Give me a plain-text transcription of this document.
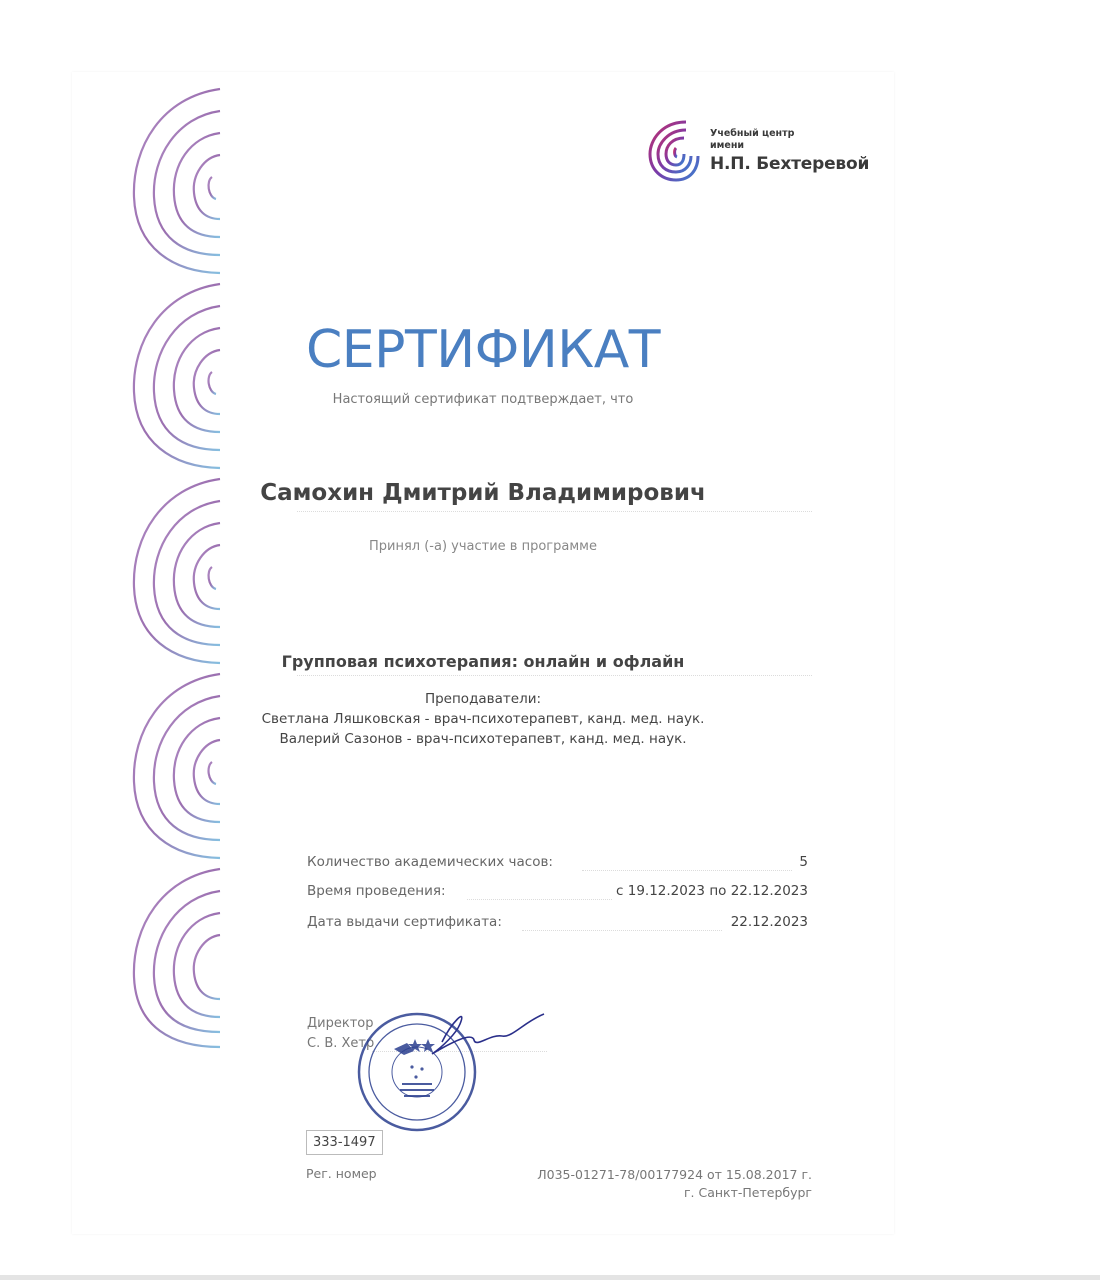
Учебный центр
имени
Н.П. Бехтеревой
СЕРТИФИКАТ
Настоящий сертификат подтверждает, что
Самохин Дмитрий Владимирович
Принял (-а) участие в программе
Групповая психотерапия: онлайн и офлайн
Преподаватели:
Светлана Ляшковская - врач-психотерапевт, канд. мед. наук.
Валерий Сазонов - врач-психотерапевт, канд. мед. наук.
Количество академических часов:	5
Время проведения:	с 19.12.2023 по 22.12.2023
Дата выдачи сертификата:	22.12.2023
Директор
С. В. Хетр
333-1497
Рег. номер	Л035-01271-78/00177924 от 15.08.2017 г.
г. Санкт-Петербург
